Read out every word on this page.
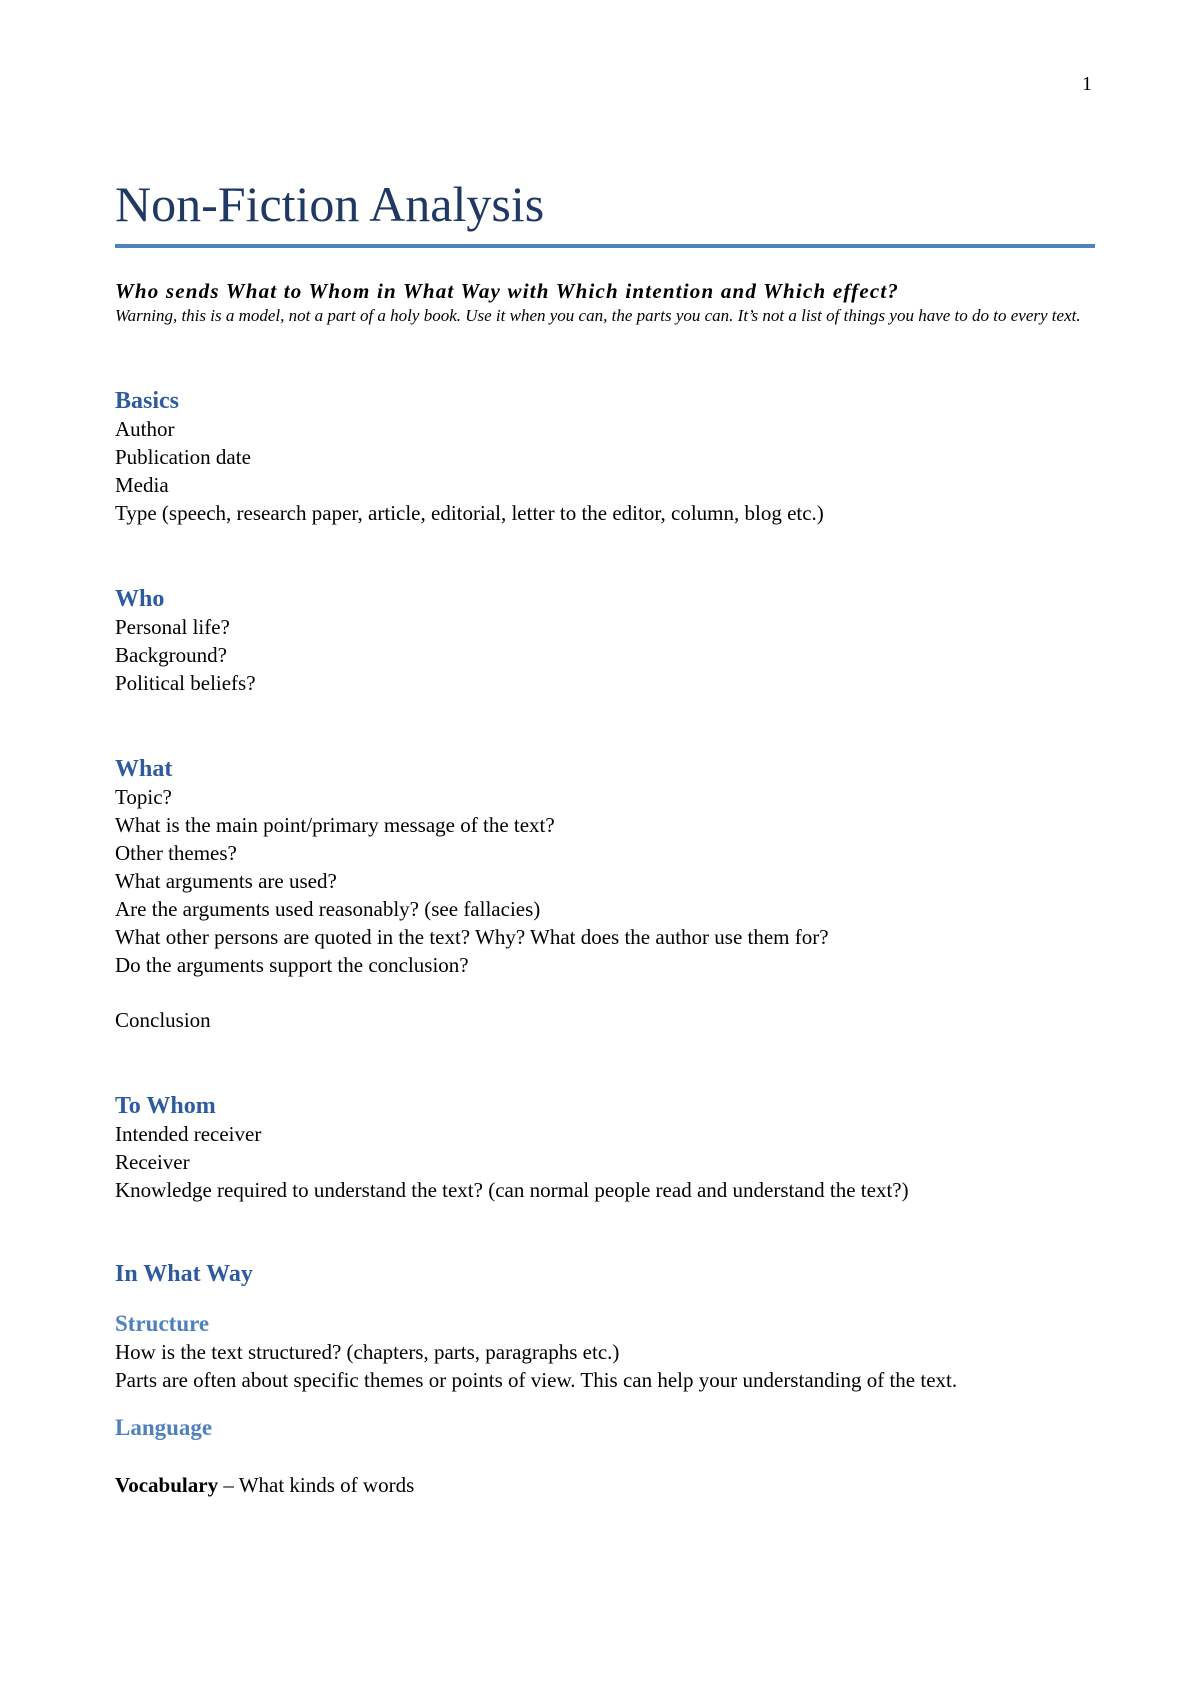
1
Non-Fiction Analysis
Who sends What to Whom in What Way with Which intention and Which effect?
Warning, this is a model, not a part of a holy book. Use it when you can, the parts you can. It’s not a list of things you have to do to every text.
Basics
Author
Publication date
Media
Type (speech, research paper, article, editorial, letter to the editor, column, blog etc.)
Who
Personal life?
Background?
Political beliefs?
What
Topic?
What is the main point/primary message of the text?
Other themes?
What arguments are used?
Are the arguments used reasonably? (see fallacies)
What other persons are quoted in the text? Why? What does the author use them for?
Do the arguments support the conclusion?
Conclusion
To Whom
Intended receiver
Receiver
Knowledge required to understand the text? (can normal people read and understand the text?)
In What Way
Structure
How is the text structured? (chapters, parts, paragraphs etc.)
Parts are often about specific themes or points of view. This can help your understanding of the text.
Language
Vocabulary – What kinds of words
